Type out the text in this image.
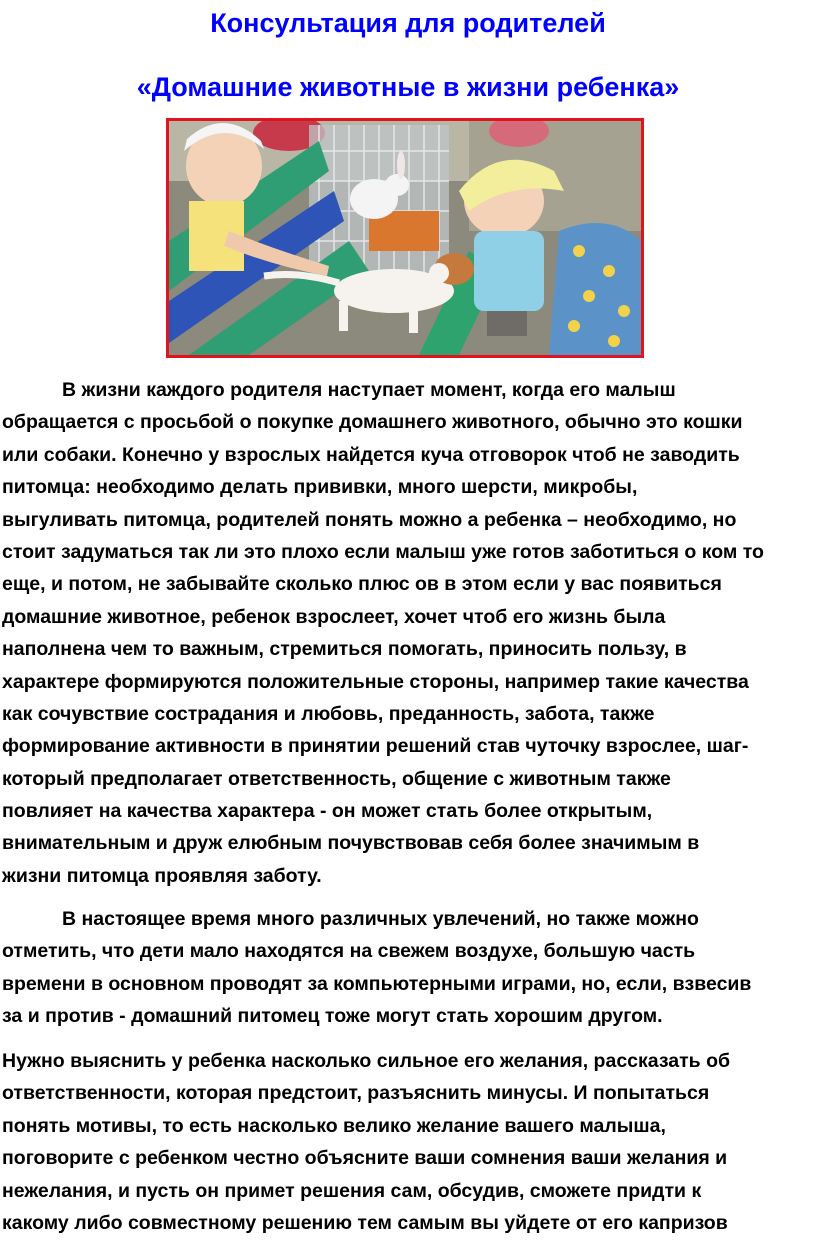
Консультация для родителей
«Домашние животные в жизни ребенка»
В жизни каждого родителя наступает момент, когда его малыш
обращается с просьбой о покупке домашнего животного, обычно это кошки
или собаки. Конечно у взрослых найдется куча отговорок чтоб не заводить
питомца: необходимо делать прививки, много шерсти, микробы,
выгуливать питомца, родителей понять можно а ребенка – необходимо, но
стоит задуматься так ли это плохо если малыш уже готов заботиться о ком то
еще, и потом, не забывайте сколько плюс ов в этом если у вас появиться
домашние животное, ребенок взрослеет, хочет чтоб его жизнь была
наполнена чем то важным, стремиться помогать, приносить пользу, в
характере формируются положительные стороны, например такие качества
как сочувствие сострадания и любовь, преданность, забота, также
формирование активности в принятии решений став чуточку взрослее, шаг-
который предполагает ответственность, общение с животным также
повлияет на качества характера - он может стать более открытым,
внимательным и друж елюбным почувствовав себя более значимым в
жизни питомца проявляя заботу.
В настоящее время много различных увлечений, но также можно
отметить, что дети мало находятся на свежем воздухе, большую часть
времени в основном проводят за компьютерными играми, но, если, взвесив
за и против - домашний питомец тоже могут стать хорошим другом.
Нужно выяснить у ребенка насколько сильное его желания, рассказать об
ответственности, которая предстоит, разъяснить минусы. И попытаться
понять мотивы, то есть насколько велико желание вашего малыша,
поговорите с ребенком честно объясните ваши сомнения ваши желания и
нежелания, и пусть он примет решения сам, обсудив, сможете придти к
какому либо совместному решению тем самым вы уйдете от его капризов
